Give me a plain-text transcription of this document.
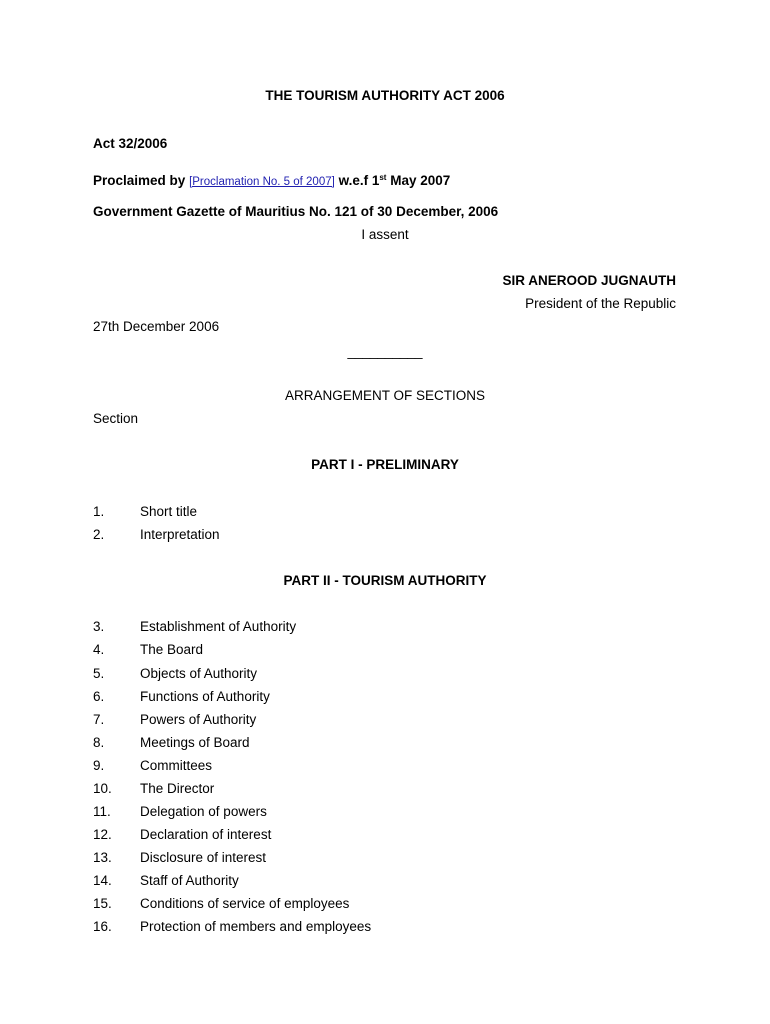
THE TOURISM AUTHORITY ACT 2006
Act 32/2006
Proclaimed by [Proclamation No. 5 of 2007] w.e.f 1st May 2007
Government Gazette of Mauritius No. 121 of 30 December, 2006
I assent
SIR ANEROOD JUGNAUTH
President of the Republic
27th December 2006
__________
ARRANGEMENT OF SECTIONS
Section
PART I - PRELIMINARY
1.	Short title
2.	Interpretation
PART II - TOURISM AUTHORITY
3.	Establishment of Authority
4.	The Board
5.	Objects of Authority
6.	Functions of Authority
7.	Powers of Authority
8.	Meetings of Board
9.	Committees
10. The Director
11. Delegation of powers
12. Declaration of interest
13. Disclosure of interest
14. Staff of Authority
15. Conditions of service of employees
16. Protection of members and employees
